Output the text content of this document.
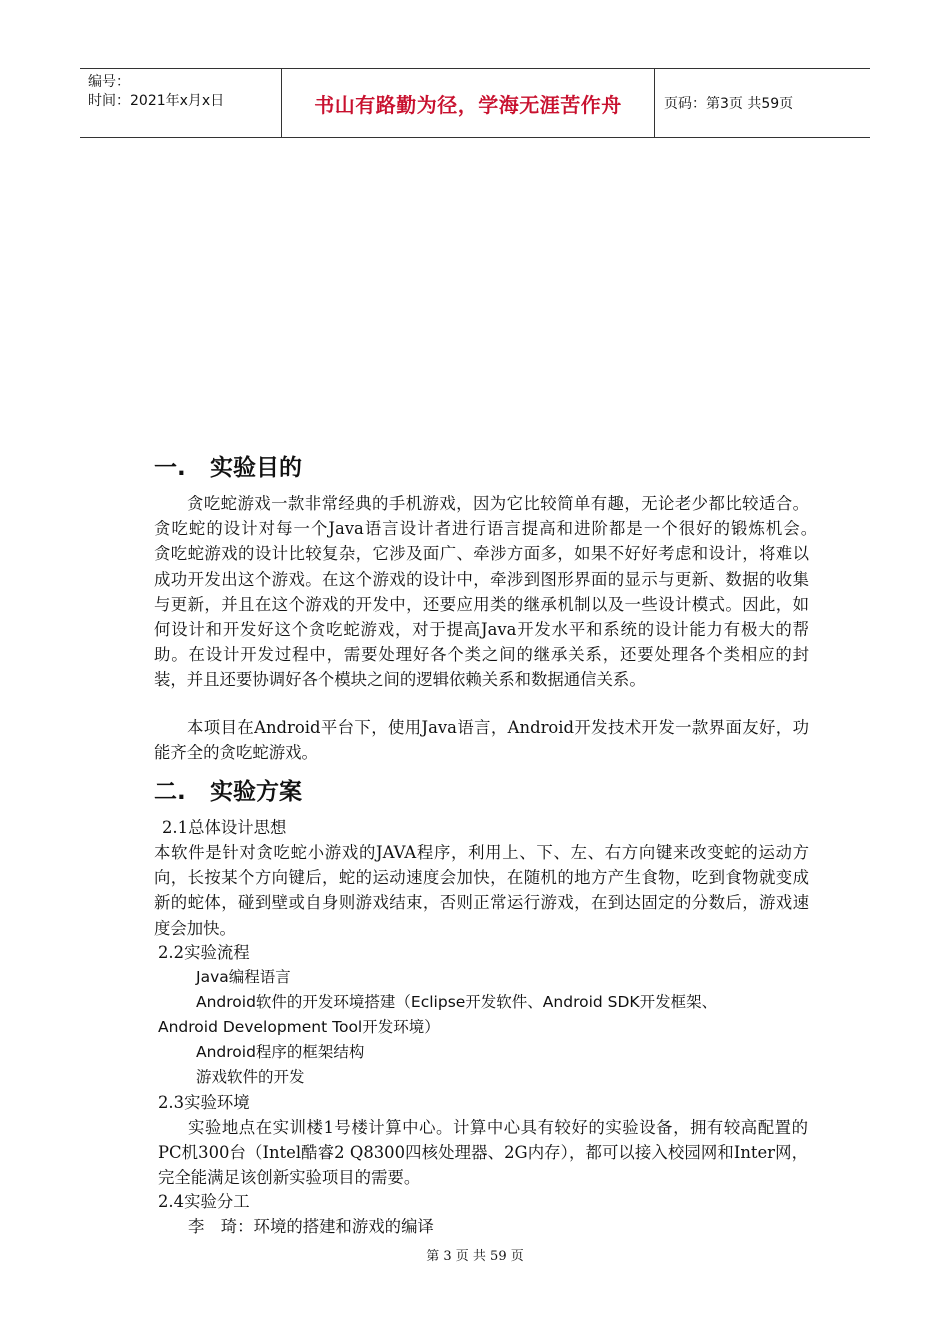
编号：
时间：2021年x月x日	书山有路勤为径，学海无涯苦作舟	页码：第3页 共59页
一. 实验目的
贪吃蛇游戏一款非常经典的手机游戏，因为它比较简单有趣，无论老少都比较适合。贪吃蛇的设计对每一个Java语言设计者进行语言提高和进阶都是一个很好的锻炼机会。　　　贪吃蛇游戏的设计比较复杂，它涉及面广、牵涉方面多，如果不好好考虑和设计，将难以成功开发出这个游戏。在这个游戏的设计中，牵涉到图形界面的显示与更新、数据的收集与更新，并且在这个游戏的开发中，还要应用类的继承机制以及一些设计模式。因此，如何设计和开发好这个贪吃蛇游戏，对于提高Java开发水平和系统的设计能力有极大的帮助。在设计开发过程中，需要处理好各个类之间的继承关系，还要处理各个类相应的封装，并且还要协调好各个模块之间的逻辑依赖关系和数据通信关系。
本项目在Android平台下，使用Java语言，Android开发技术开发一款界面友好，功能齐全的贪吃蛇游戏。
二. 实验方案
2.1总体设计思想
本软件是针对贪吃蛇小游戏的JAVA程序，利用上、下、左、右方向键来改变蛇的运动方向，长按某个方向键后，蛇的运动速度会加快，在随机的地方产生食物，吃到食物就变成新的蛇体，碰到壁或自身则游戏结束，否则正常运行游戏，在到达固定的分数后，游戏速度会加快。
2.2实验流程
Java编程语言
Android软件的开发环境搭建（Eclipse开发软件、Android SDK开发框架、
Android Development Tool开发环境）
Android程序的框架结构
游戏软件的开发
2.3实验环境
实验地点在实训楼1号楼计算中心。计算中心具有较好的实验设备，拥有较高配置的PC机300台（Intel酷睿2 Q8300四核处理器、2G内存），都可以接入校园网和Inter网，完全能满足该创新实验项目的需要。
2.4实验分工
李　琦：环境的搭建和游戏的编译
第 3 页 共 59 页
